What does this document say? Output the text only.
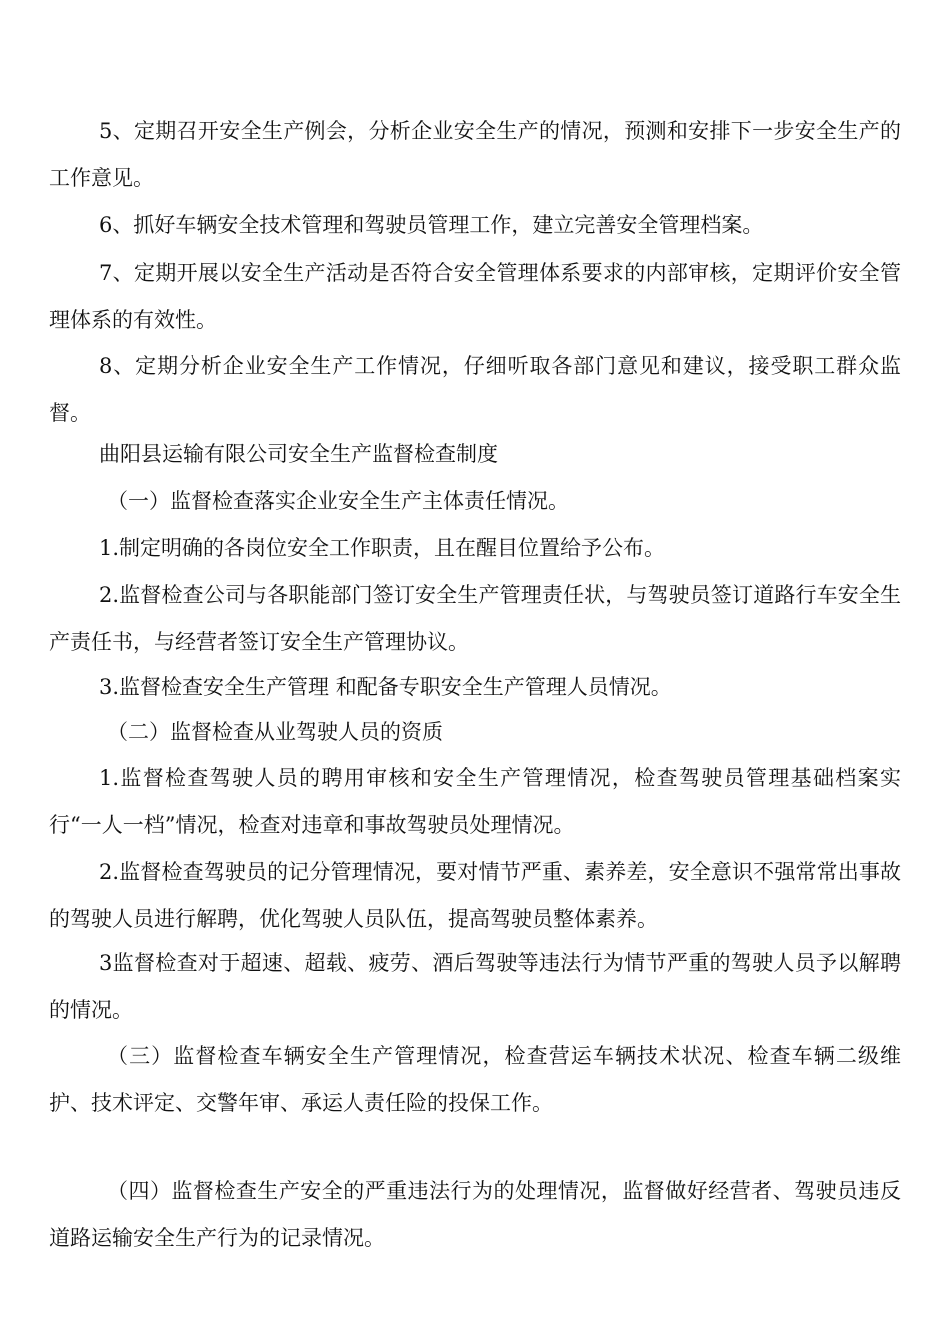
5、定期召开安全生产例会，分析企业安全生产的情况，预测和安排下一步安全生产的工作意见。

6、抓好车辆安全技术管理和驾驶员管理工作，建立完善安全管理档案。

7、定期开展以安全生产活动是否符合安全管理体系要求的内部审核，定期评价安全管理体系的有效性。

8、定期分析企业安全生产工作情况，仔细听取各部门意见和建议，接受职工群众监督。

曲阳县运输有限公司安全生产监督检查制度

（一）监督检查落实企业安全生产主体责任情况。

1.制定明确的各岗位安全工作职责，且在醒目位置给予公布。

2.监督检查公司与各职能部门签订安全生产管理责任状，与驾驶员签订道路行车安全生产责任书，与经营者签订安全生产管理协议。

3.监督检查安全生产管理 和配备专职安全生产管理人员情况。

（二）监督检查从业驾驶人员的资质

1.监督检查驾驶人员的聘用审核和安全生产管理情况，检查驾驶员管理基础档案实行“一人一档”情况，检查对违章和事故驾驶员处理情况。

2.监督检查驾驶员的记分管理情况，要对情节严重、素养差，安全意识不强常常出事故的驾驶人员进行解聘，优化驾驶人员队伍，提高驾驶员整体素养。

3监督检查对于超速、超载、疲劳、酒后驾驶等违法行为情节严重的驾驶人员予以解聘的情况。

（三）监督检查车辆安全生产管理情况，检查营运车辆技术状况、检查车辆二级维护、技术评定、交警年审、承运人责任险的投保工作。

（四）监督检查生产安全的严重违法行为的处理情况，监督做好经营者、驾驶员违反道路运输安全生产行为的记录情况。
